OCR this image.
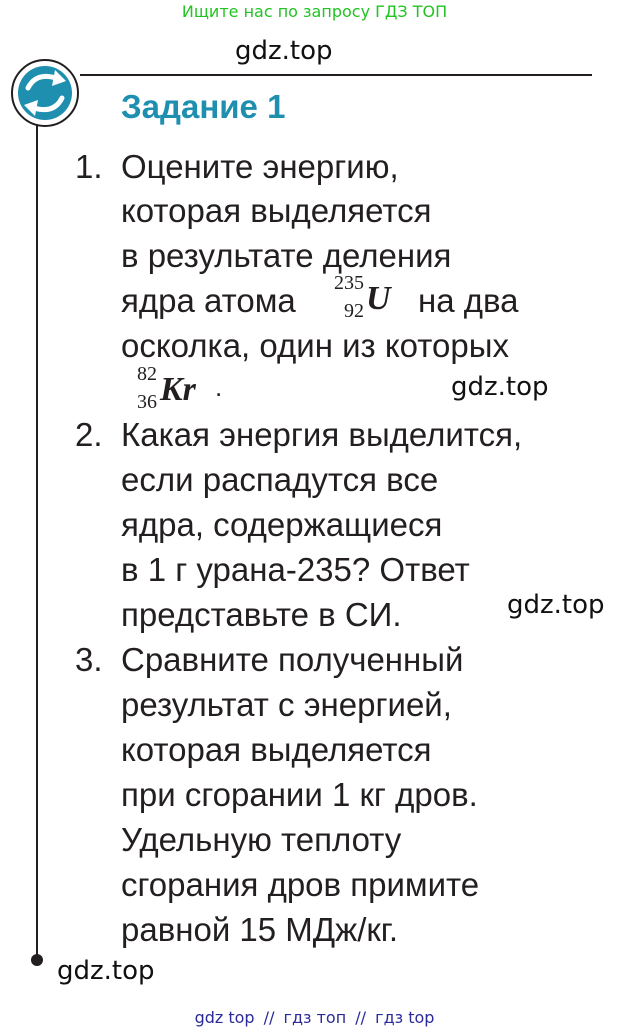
Ищите нас по запросу ГДЗ ТОП
gdz.top
Задание 1
1. Оцените энергию,
которая выделяется
в результате деления
ядра атома	235
92 U на два
осколка, один из которых
82
36 Kr .	gdz.top
2. Какая энергия выделится,
если распадутся все
ядра, содержащиеся
в 1 г урана-235? Ответ
представьте в СИ.	gdz.top
3. Сравните полученный
результат с энергией,
которая выделяется
при сгорании 1 кг дров.
Удельную теплоту
сгорания дров примите
равной 15 МДж/кг.
gdz.top
gdz top // гдз топ // гдз top
